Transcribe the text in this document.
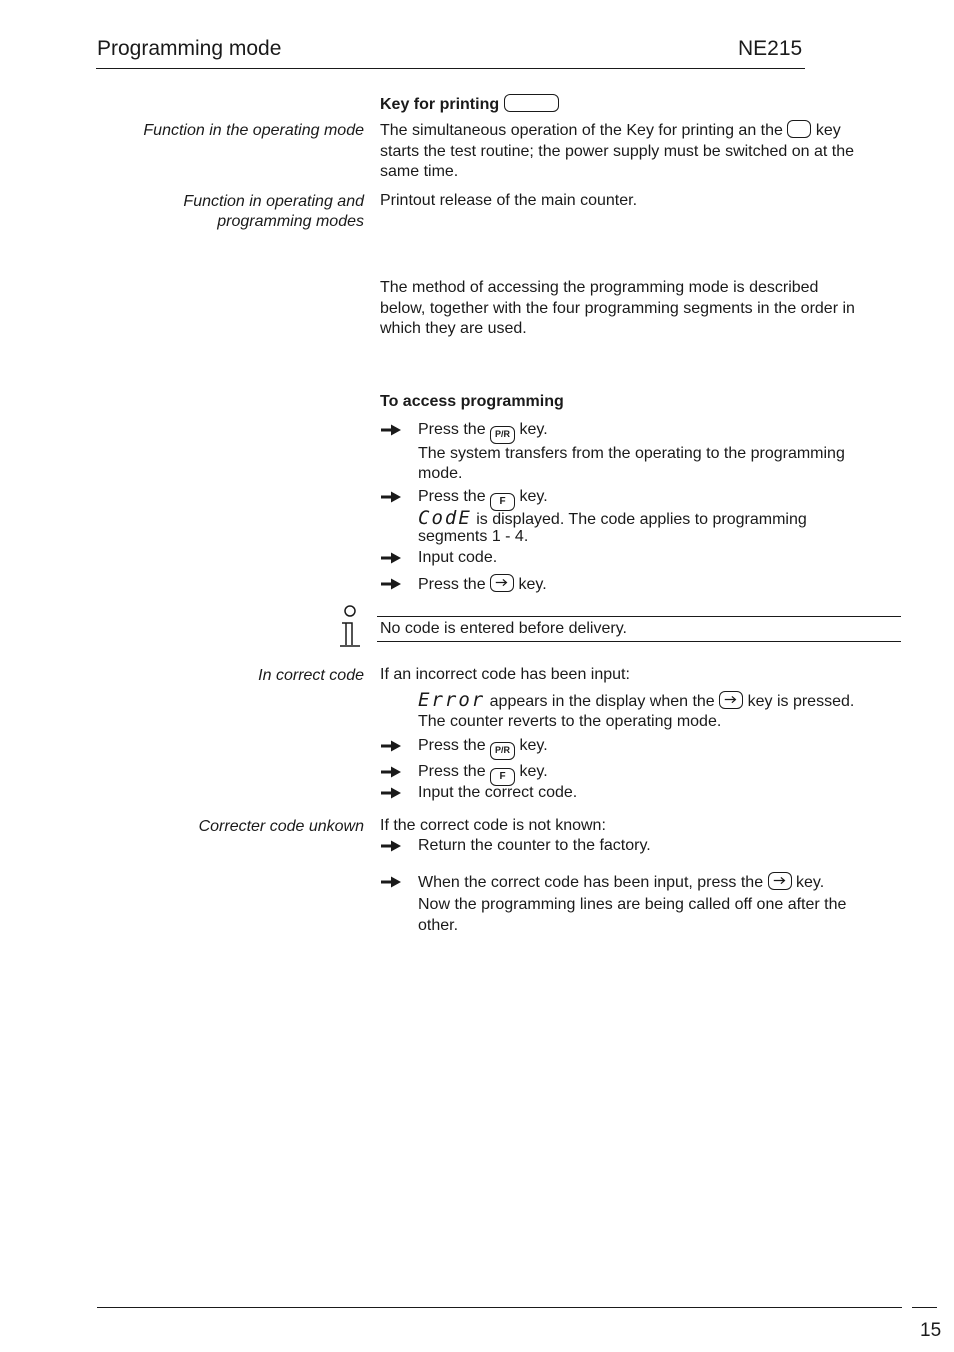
Programming mode	NE215
Key for printing
Function in the operating mode The simultaneous operation of the Key for printing an the key
starts the test routine; the power supply must be switched on at the
same time.
Function in operating and
programming modes
Printout release of the main counter.
The method of accessing the programming mode is described
below, together with the four programming segments in the order in
which they are used.
To access programming
Press the P/R key.
The system transfers from the operating to the programming
mode.
Press the F key.
CodE is displayed. The code applies to programming
segments 1 - 4.
Input code.
Press the key.
No code is entered before delivery.
In correct code If an incorrect code has been input:
Error appears in the display when the key is pressed.
The counter reverts to the operating mode.
Press the P/R key.
Press the F key.
Input the correct code.
Correcter code unkown If the correct code is not known:
Return the counter to the factory.
When the correct code has been input, press the key.
Now the programming lines are being called off one after the
other.
15
